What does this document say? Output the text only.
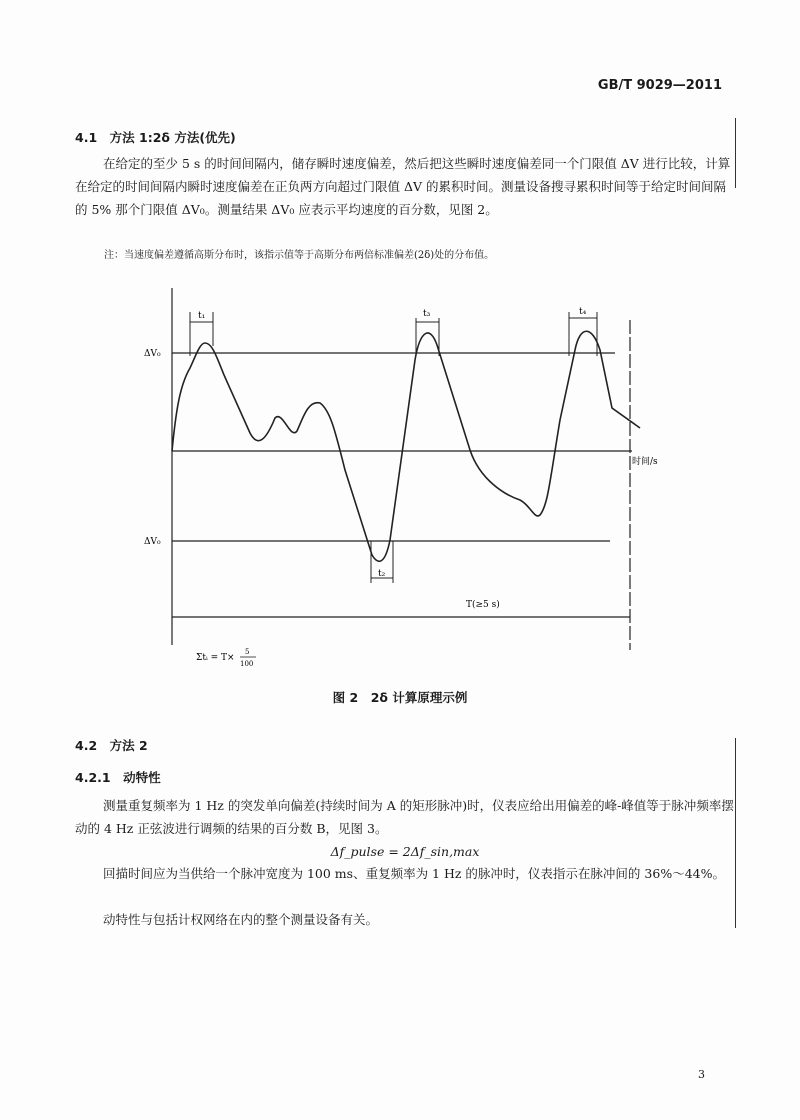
GB/T 9029—2011
4.1　方法 1:2δ 方法(优先)
在给定的至少 5 s 的时间间隔内，储存瞬时速度偏差，然后把这些瞬时速度偏差同一个门限值 ΔV 进行比较，计算在给定的时间间隔内瞬时速度偏差在正负两方向超过门限值 ΔV 的累积时间。测量设备搜寻累积时间等于给定时间间隔的 5% 那个门限值 ΔV₀。测量结果 ΔV₀ 应表示平均速度的百分数，见图 2。
注：当速度偏差遵循高斯分布时，该指示值等于高斯分布两倍标准偏差(2δ)处的分布值。
ΔV₀
ΔV₀
t₁	t₃	t₄
t₂
时间/s
T(≥5 s)
Σtᵢ = T×
5
100
图 2　2δ 计算原理示例
4.2　方法 2
4.2.1　动特性
测量重复频率为 1 Hz 的突发单向偏差(持续时间为 A 的矩形脉冲)时，仪表应给出用偏差的峰-峰值等于脉冲频率摆动的 4 Hz 正弦波进行调频的结果的百分数 B，见图 3。
Δf_pulse = 2Δf_sin,max
回描时间应为当供给一个脉冲宽度为 100 ms、重复频率为 1 Hz 的脉冲时，仪表指示在脉冲间的 36%～44%。
动特性与包括计权网络在内的整个测量设备有关。
3
